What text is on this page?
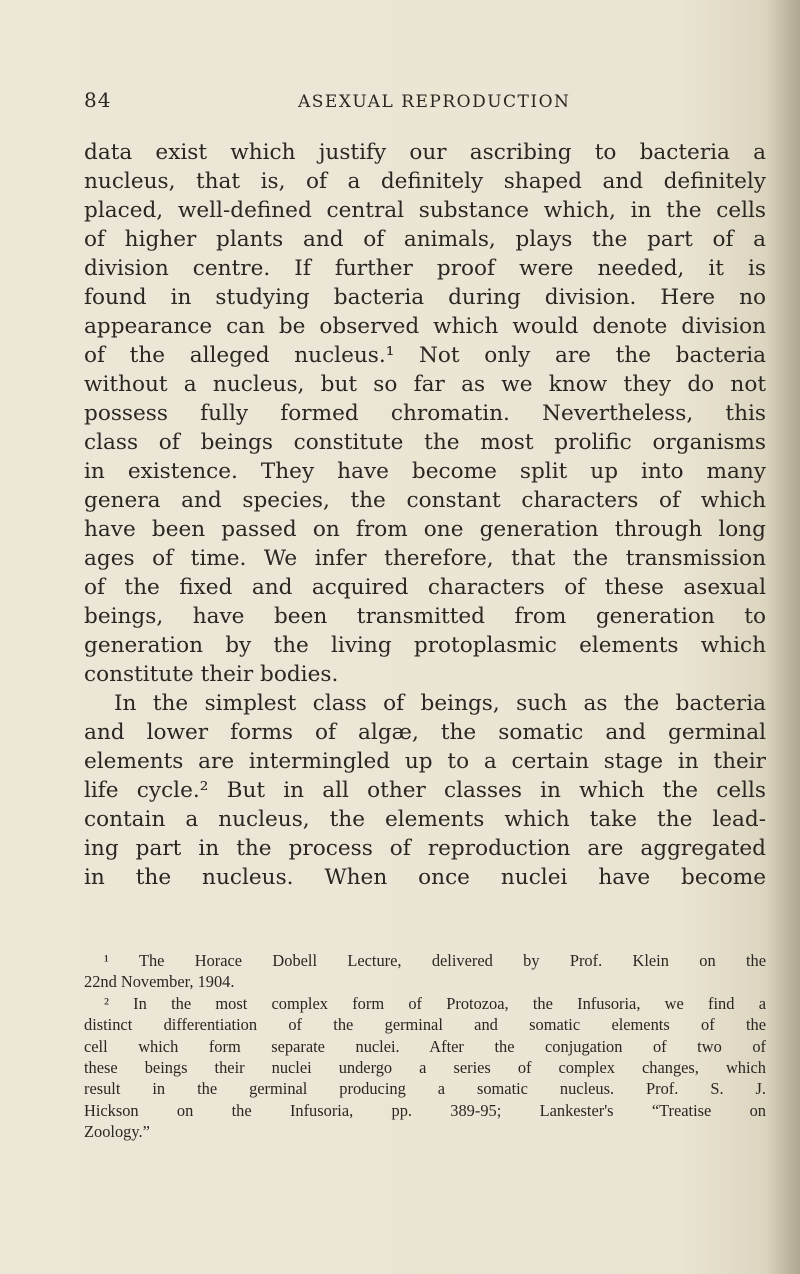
84	ASEXUAL REPRODUCTION
data exist which justify our ascribing to bacteria a
nucleus, that is, of a definitely shaped and definitely
placed, well-defined central substance which, in the cells
of higher plants and of animals, plays the part of a
division centre. If further proof were needed, it is
found in studying bacteria during division. Here no
appearance can be observed which would denote division
of the alleged nucleus.¹ Not only are the bacteria
without a nucleus, but so far as we know they do not
possess fully formed chromatin. Nevertheless, this
class of beings constitute the most prolific organisms
in existence. They have become split up into many
genera and species, the constant characters of which
have been passed on from one generation through long
ages of time. We infer therefore, that the transmission
of the fixed and acquired characters of these asexual
beings, have been transmitted from generation to
generation by the living protoplasmic elements which
constitute their bodies.
In the simplest class of beings, such as the bacteria
and lower forms of algæ, the somatic and germinal
elements are intermingled up to a certain stage in their
life cycle.² But in all other classes in which the cells
contain a nucleus, the elements which take the lead-
ing part in the process of reproduction are aggregated
in the nucleus. When once nuclei have become
¹ The Horace Dobell Lecture, delivered by Prof. Klein on the
22nd November, 1904.
² In the most complex form of Protozoa, the Infusoria, we find a
distinct differentiation of the germinal and somatic elements of the
cell which form separate nuclei. After the conjugation of two of
these beings their nuclei undergo a series of complex changes, which
result in the germinal producing a somatic nucleus. Prof. S. J.
Hickson on the Infusoria, pp. 389-95; Lankester's “Treatise on
Zoology.”
